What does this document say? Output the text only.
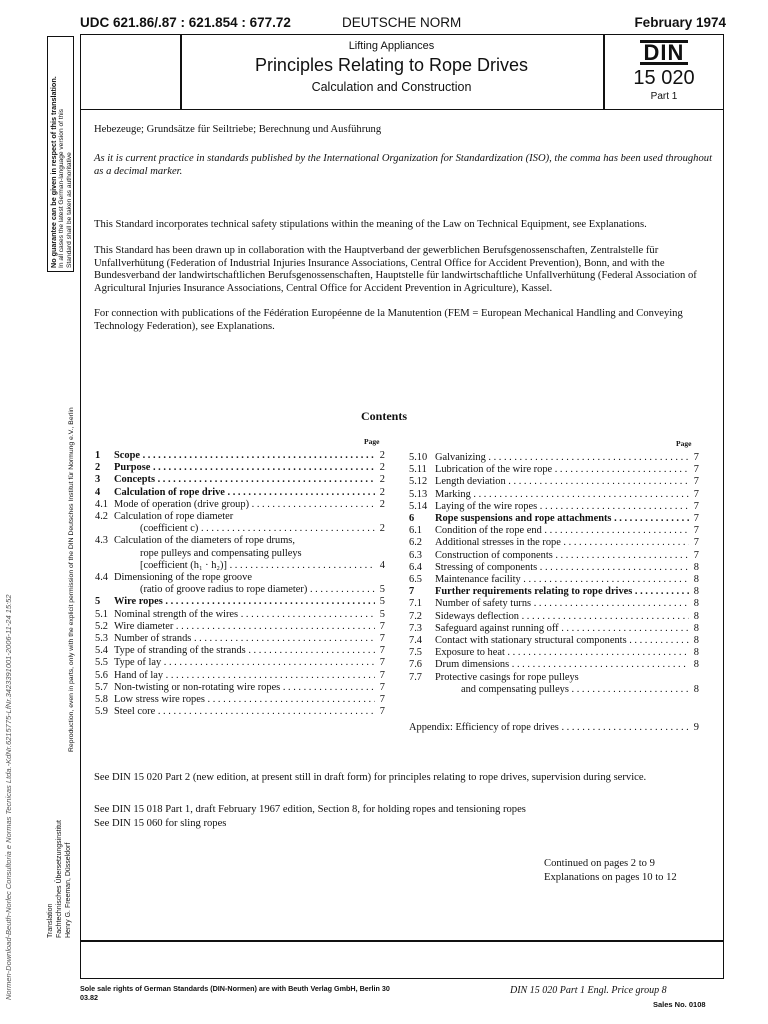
UDC 621.86/.87 : 621.854 : 677.72	DEUTSCHE NORM	February 1974
Lifting Appliances
Principles Relating to Rope Drives
Calculation and Construction
DIN
15 020
Part 1
No guarantee can be given in respect of this translation. In all cases the latest German-language version of this Standard shall be taken as authoritative
Reproduction, even in parts, only with the explicit permission of the DIN Deutsches Institut für Normung e.V., Berlin
Translation Fachtechnisches Übersetzungsinstitut Henry G. Freeman, Düsseldorf
Normen-Download-Beuth-Norlec Consultoria e Normas Tecnicas Ltda.-KdNr.6215775-LfNr.3423391001-2006-11-24 15:52
Hebezeuge; Grundsätze für Seiltriebe; Berechnung und Ausführung
As it is current practice in standards published by the International Organization for Standardization (ISO), the comma has been used throughout as a decimal marker.
This Standard incorporates technical safety stipulations within the meaning of the Law on Technical Equipment, see Explanations.
This Standard has been drawn up in collaboration with the Hauptverband der gewerblichen Berufsgenossenschaften, Zentralstelle für Unfallverhütung (Federation of Industrial Injuries Insurance Associations, Central Office for Accident Prevention), Bonn, and with the Bundesverband der landwirtschaftlichen Berufsgenossenschaften, Hauptstelle für landwirtschaftliche Unfallverhütung (Federal Association of Agricultural Injuries Insurance Associations, Central Office for Accident Prevention in Agriculture), Kassel.
For connection with publications of the Fédération Européenne de la Manutention (FEM = European Mechanical Handling and Conveying Technology Federation), see Explanations.
Contents
Page	Page
1	Scope . . .	2
2	Purpose . . .	2
3	Concepts . . .	2
4	Calculation of rope drive . . .	2
4.1 Mode of operation (drive group) . . .	2
4.2 Calculation of rope diameter
(coefficient c) . . .	2
4.3 Calculation of the diameters of rope drums,
rope pulleys and compensating pulleys
[coefficient (h₁ · h₂)] . . .	4
4.4 Dimensioning of the rope groove
(ratio of groove radius to rope diameter) . . .	5
5	Wire ropes . . .	5
5.1 Nominal strength of the wires . . .	5
5.2 Wire diameter . . .	7
5.3 Number of strands . . .	7
5.4 Type of stranding of the strands . . .	7
5.5 Type of lay . . .	7
5.6 Hand of lay . . .	7
5.7 Non-twisting or non-rotating wire ropes . . .	7
5.8 Low stress wire ropes . . .	7
5.9 Steel core . . .	7
5.10 Galvanizing . . .	7
5.11 Lubrication of the wire rope . . .	7
5.12 Length deviation . . .	7
5.13 Marking . . .	7
5.14 Laying of the wire ropes . . .	7
6	Rope suspensions and rope attachments . . .	7
6.1	Condition of the rope end . . .	7
6.2	Additional stresses in the rope . . .	7
6.3	Construction of components . . .	7
6.4	Stressing of components . . .	8
6.5	Maintenance facility . . .	8
7	Further requirements relating to rope drives . . .	8
7.1	Number of safety turns . . .	8
7.2	Sideways deflection . . .	8
7.3	Safeguard against running off . . .	8
7.4	Contact with stationary structural components . . .	8
7.5	Exposure to heat . . .	8
7.6	Drum dimensions . . .	8
7.7	Protective casings for rope pulleys
and compensating pulleys . . .	8
Appendix: Efficiency of rope drives . . .	9
See DIN 15 020 Part 2 (new edition, at present still in draft form) for principles relating to rope drives, supervision during service.
See DIN 15 018 Part 1, draft February 1967 edition, Section 8, for holding ropes and tensioning ropes
See DIN 15 060 for sling ropes
Continued on pages 2 to 9
Explanations on pages 10 to 12
Sole sale rights of German Standards (DIN-Normen) are with Beuth Verlag GmbH, Berlin 30
03.82
DIN 15 020 Part 1 Engl. Price group 8
Sales No. 0108
